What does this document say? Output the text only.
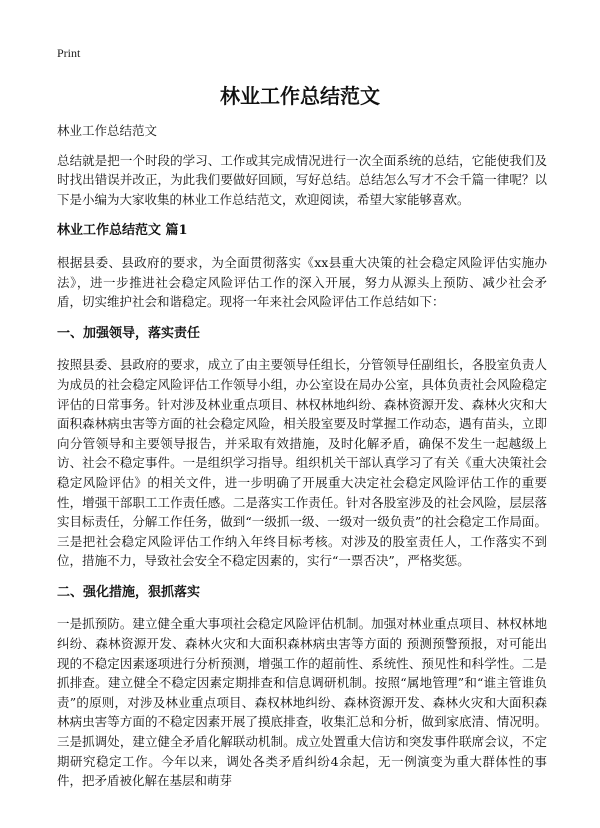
Print
林业工作总结范文

林业工作总结范文

总结就是把一个时段的学习、工作或其完成情况进行一次全面系统的总结，它能使我们及时找出错误并改正，为此我们要做好回顾，写好总结。总结怎么写才不会千篇一律呢？以下是小编为大家收集的林业工作总结范文，欢迎阅读，希望大家能够喜欢。

林业工作总结范文 篇1

根据县委、县政府的要求，为全面贯彻落实《xx县重大决策的社会稳定风险评估实施办法》，进一步推进社会稳定风险评估工作的深入开展，努力从源头上预防、减少社会矛盾，切实维护社会和谐稳定。现将一年来社会风险评估工作总结如下：

一、加强领导，落实责任

按照县委、县政府的要求，成立了由主要领导任组长，分管领导任副组长，各股室负责人为成员的社会稳定风险评估工作领导小组，办公室设在局办公室，具体负责社会风险稳定评估的日常事务。针对涉及林业重点项目、林权林地纠纷、森林资源开发、森林火灾和大面积森林病虫害等方面的社会稳定风险，相关股室要及时掌握工作动态，遇有苗头，立即向分管领导和主要领导报告，并采取有效措施，及时化解矛盾，确保不发生一起越级上访、社会不稳定事件。一是组织学习指导。组织机关干部认真学习了有关《重大决策社会稳定风险评估》的相关文件，进一步明确了开展重大决定社会稳定风险评估工作的重要性，增强干部职工工作责任感。二是落实工作责任。针对各股室涉及的社会风险，层层落实目标责任，分解工作任务，做到“一级抓一级、一级对一级负责”的社会稳定工作局面。三是把社会稳定风险评估工作纳入年终目标考核。对涉及的股室责任人，工作落实不到位，措施不力，导致社会安全不稳定因素的，实行“一票否决”，严格奖惩。

二、强化措施，狠抓落实

一是抓预防。建立健全重大事项社会稳定风险评估机制。加强对林业重点项目、林权林地纠纷、森林资源开发、森林火灾和大面积森林病虫害等方面的 预测预警预报，对可能出现的不稳定因素逐项进行分析预测，增强工作的超前性、系统性、预见性和科学性。二是抓排查。建立健全不稳定因素定期排查和信息调研机制。按照“属地管理”和“谁主管谁负责”的原则，对涉及林业重点项目、森权林地纠纷、森林资源开发、森林火灾和大面积森林病虫害等方面的不稳定因素开展了摸底排查，收集汇总和分析，做到家底清、情况明。三是抓调处，建立健全矛盾化解联动机制。成立处置重大信访和突发事件联席会议，不定期研究稳定工作。今年以来，调处各类矛盾纠纷4余起，无一例演变为重大群体性的事件，把矛盾被化解在基层和萌芽
